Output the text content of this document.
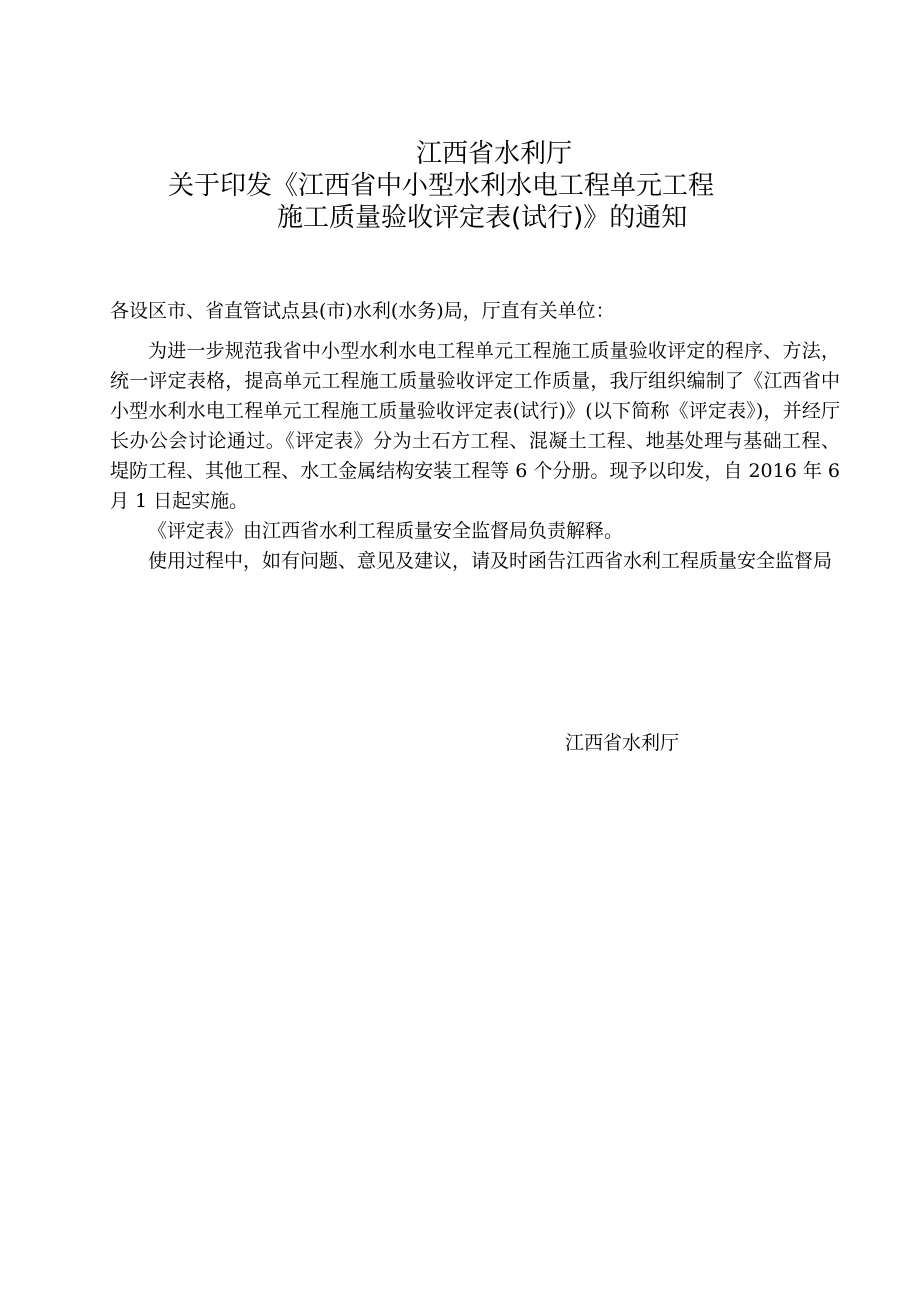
江西省水利厅
关于印发《江西省中小型水利水电工程单元工程
施工质量验收评定表(试行)》的通知

各设区市、省直管试点县(市)水利(水务)局，厅直有关单位：

为进一步规范我省中小型水利水电工程单元工程施工质量验收评定的程序、方法，统一评定表格，提高单元工程施工质量验收评定工作质量，我厅组织编制了《江西省中小型水利水电工程单元工程施工质量验收评定表(试行)》(以下简称《评定表》)，并经厅长办公会讨论通过。《评定表》分为土石方工程、混凝土工程、地基处理与基础工程、堤防工程、其他工程、水工金属结构安装工程等 6 个分册。现予以印发，自 2016 年 6 月 1 日起实施。

《评定表》由江西省水利工程质量安全监督局负责解释。

使用过程中，如有问题、意见及建议，请及时函告江西省水利工程质量安全监督局

江西省水利厅
